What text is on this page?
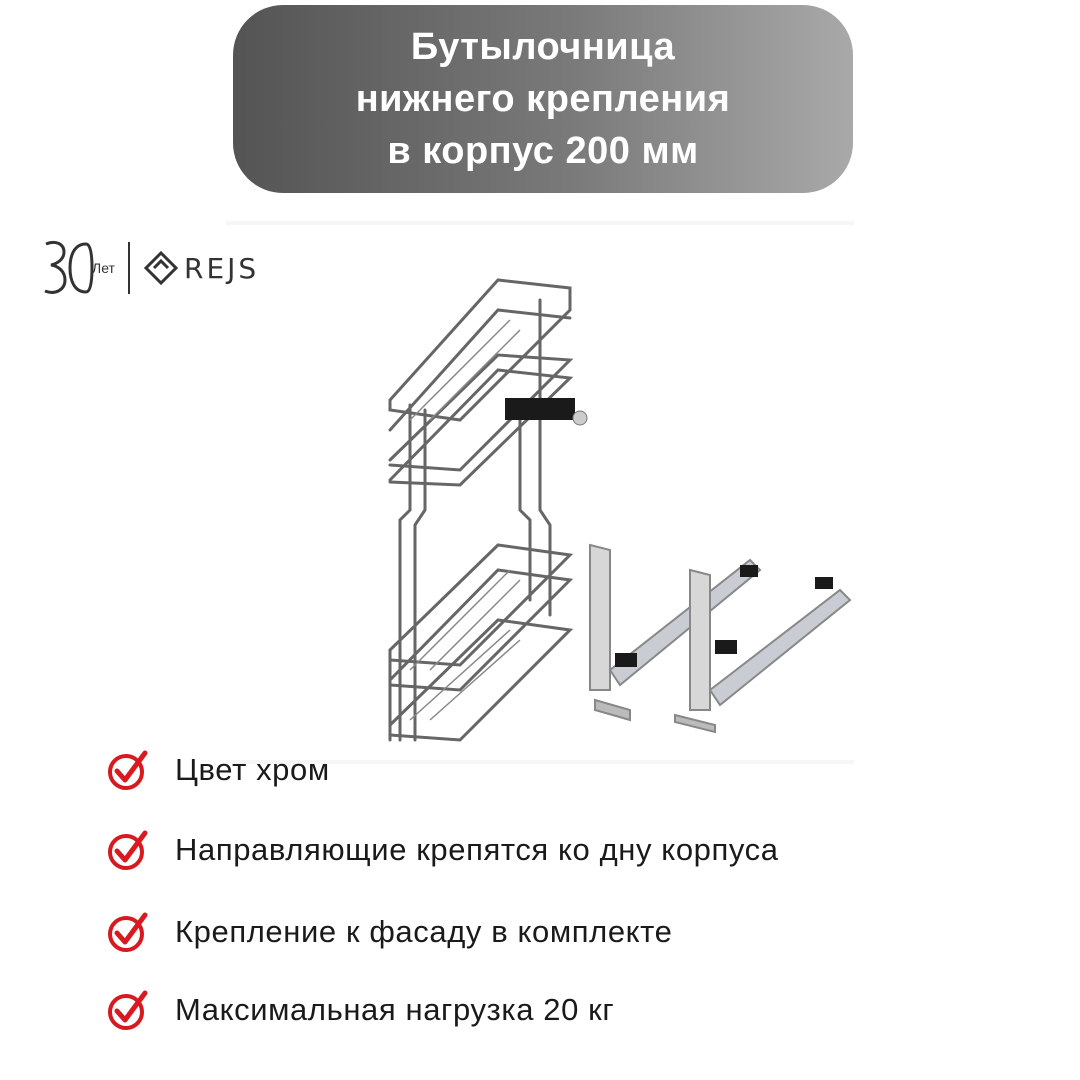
Бутылочница
нижнего крепления
в корпус 200 мм
Лет REJS
Цвет хром
Направляющие крепятся ко дну корпуса
Крепление к фасаду в комплекте
Максимальная нагрузка 20 кг
